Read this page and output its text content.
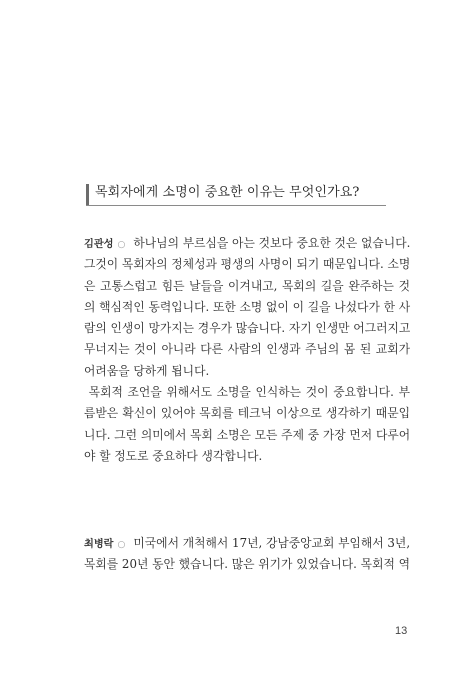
목회자에게 소명이 중요한 이유는 무엇인가요?
김관성 ○ 하나님의 부르심을 아는 것보다 중요한 것은 없습니다.
그것이 목회자의 정체성과 평생의 사명이 되기 때문입니다. 소명
은 고통스럽고 힘든 날들을 이겨내고, 목회의 길을 완주하는 것
의 핵심적인 동력입니다. 또한 소명 없이 이 길을 나섰다가 한 사
람의 인생이 망가지는 경우가 많습니다. 자기 인생만 어그러지고
무너지는 것이 아니라 다른 사람의 인생과 주님의 몸 된 교회가
어려움을 당하게 됩니다.
목회적 조언을 위해서도 소명을 인식하는 것이 중요합니다. 부
름받은 확신이 있어야 목회를 테크닉 이상으로 생각하기 때문입
니다. 그런 의미에서 목회 소명은 모든 주제 중 가장 먼저 다루어
야 할 정도로 중요하다 생각합니다.
최병락 ○ 미국에서 개척해서 17년, 강남중앙교회 부임해서 3년,
목회를 20년 동안 했습니다. 많은 위기가 있었습니다. 목회적 역
13
